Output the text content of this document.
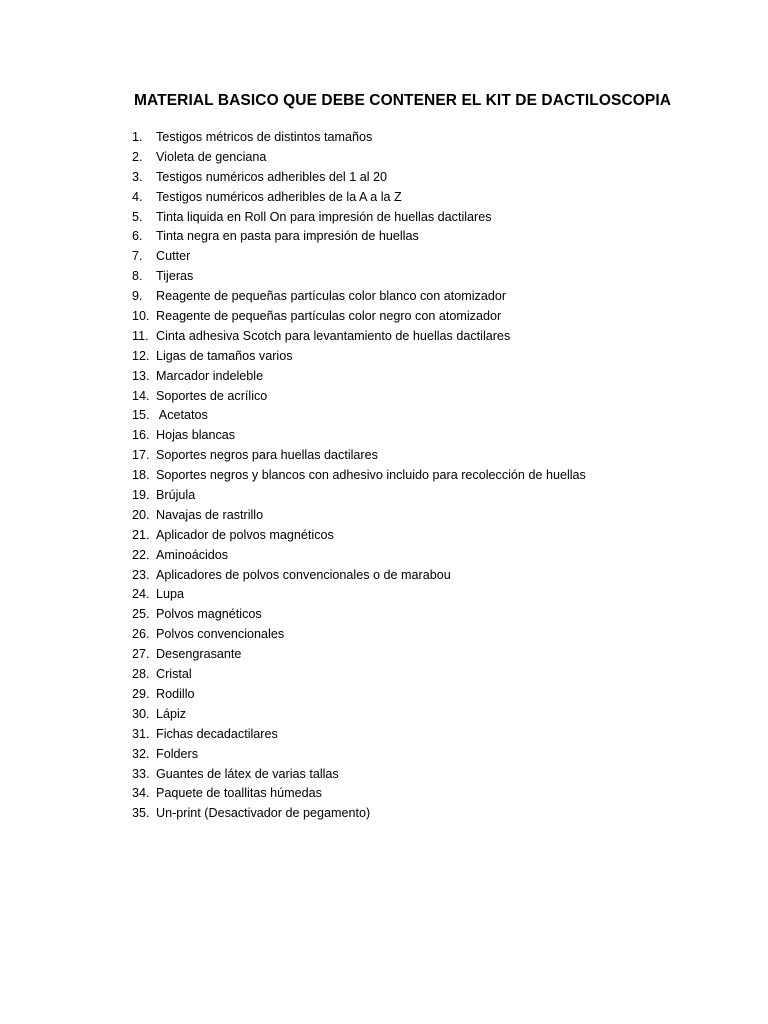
MATERIAL BASICO QUE DEBE CONTENER EL KIT DE DACTILOSCOPIA
1. Testigos métricos de distintos tamaños
2. Violeta de genciana
3. Testigos numéricos adheribles del 1 al 20
4. Testigos numéricos adheribles de la A a la Z
5. Tinta liquida en Roll On para impresión de huellas dactilares
6. Tinta negra en pasta para impresión de huellas
7. Cutter
8. Tijeras
9. Reagente de pequeñas partículas color blanco con atomizador
10. Reagente de pequeñas partículas color negro con atomizador
11. Cinta adhesiva Scotch para levantamiento de huellas dactilares
12. Ligas de tamaños varios
13. Marcador indeleble
14. Soportes de acrílico
15. Acetatos
16. Hojas blancas
17. Soportes negros para huellas dactilares
18. Soportes negros y blancos con adhesivo incluido para recolección de huellas
19. Brújula
20. Navajas de rastrillo
21. Aplicador de polvos magnéticos
22. Aminoácidos
23. Aplicadores de polvos convencionales o de marabou
24. Lupa
25. Polvos magnéticos
26. Polvos convencionales
27. Desengrasante
28. Cristal
29. Rodillo
30. Lápiz
31. Fichas decadactilares
32. Folders
33. Guantes de látex de varias tallas
34. Paquete de toallitas húmedas
35. Un-print (Desactivador de pegamento)
